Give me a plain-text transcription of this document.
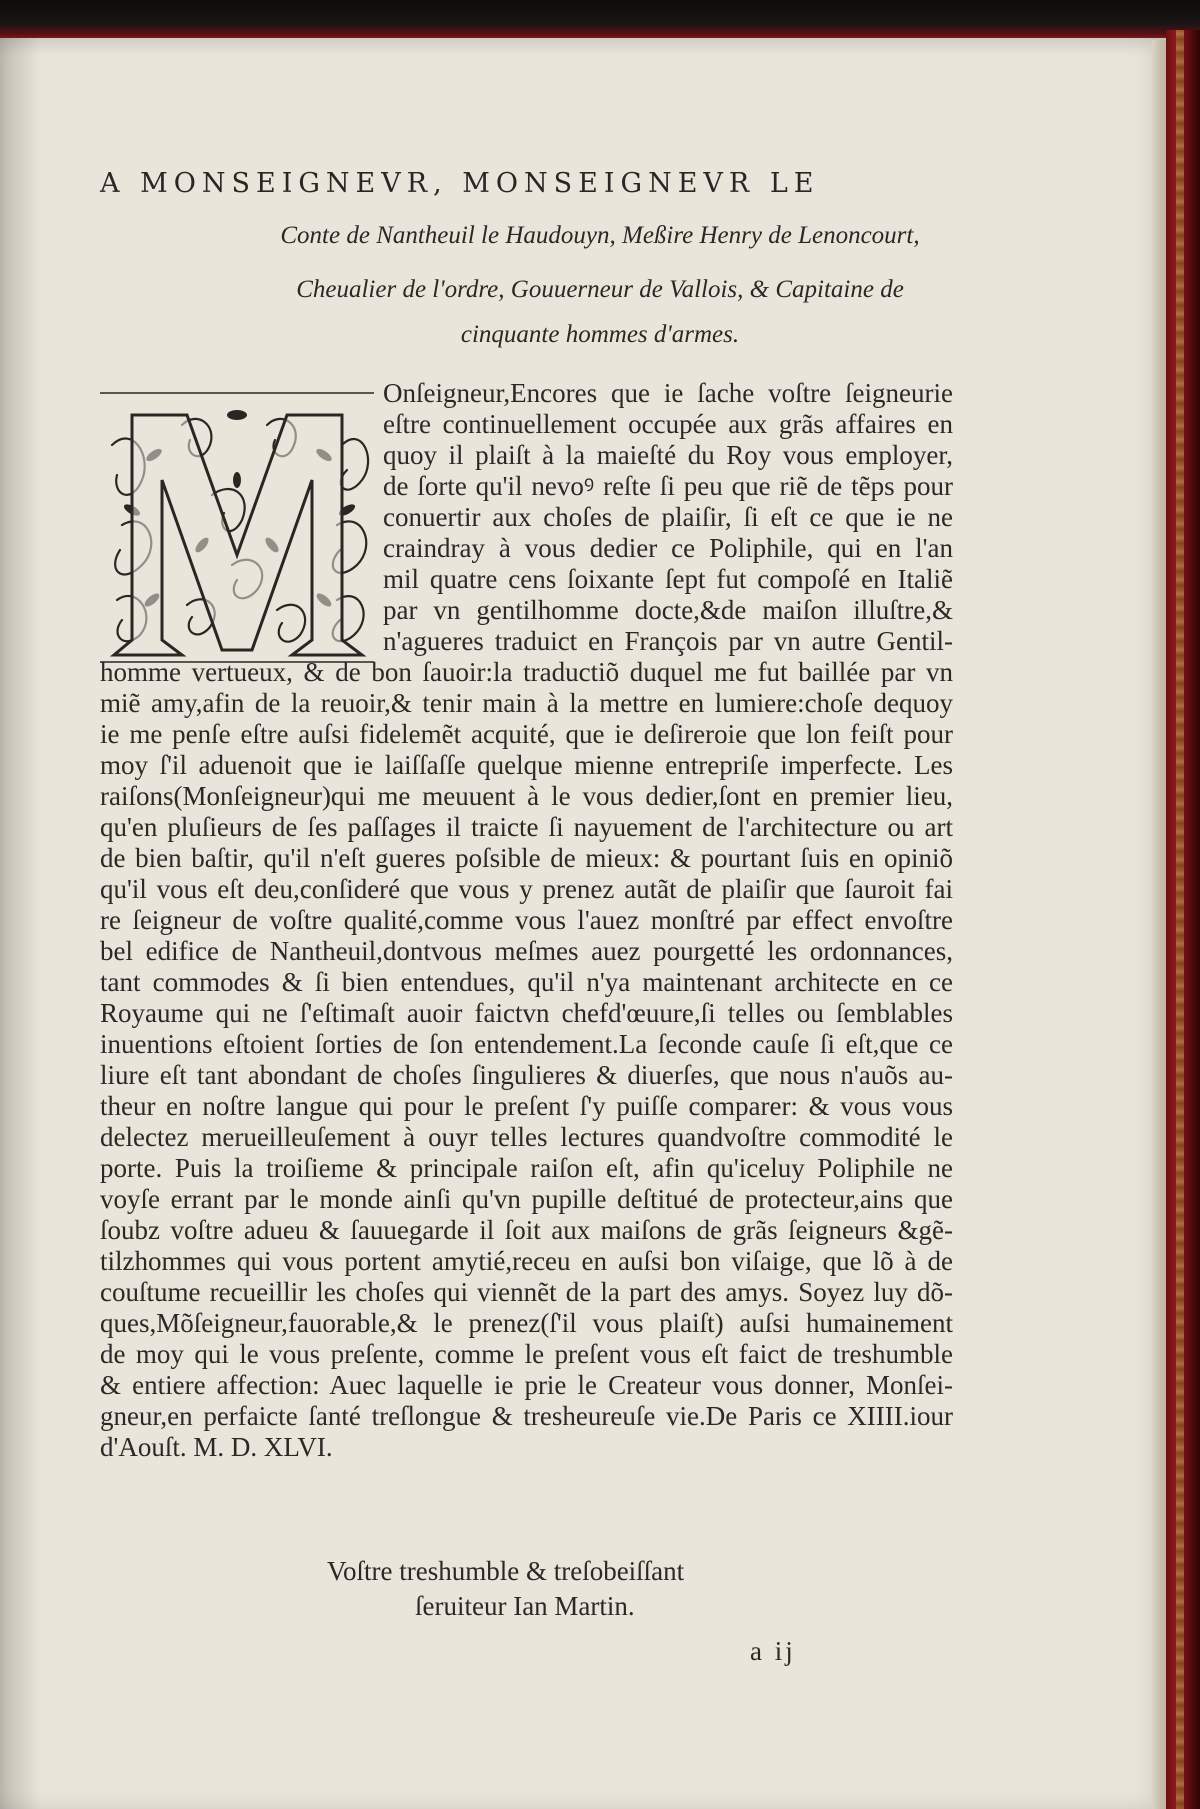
A MONSEIGNEVR, MONSEIGNEVR LE
Conte de Nantheuil le Haudouyn, Meßire Henry de Lenoncourt,
Cheualier de l'ordre, Gouuerneur de Vallois, & Capitaine de
cinquante hommes d'armes.
Onſeigneur,Encores que ie ſache voſtre ſeigneurie
eſtre continuellement occupée aux grãs affaires en
quoy il plaiſt à la maieſté du Roy vous employer,
de ſorte qu'il nevoꝰ reſte ſi peu que riẽ de tẽps pour
conuertir aux choſes de plaiſir, ſi eſt ce que ie ne
craindray à vous dedier ce Poliphile, qui en l'an
mil quatre cens ſoixante ſept fut compoſé en Italiẽ
par vn gentilhomme docte,&de maiſon illuſtre,&
n'agueres traduict en François par vn autre Gentil-
homme vertueux, & de bon ſauoir:la traductiõ duquel me fut baillée par vn
miẽ amy,afin de la reuoir,& tenir main à la mettre en lumiere:choſe dequoy
ie me penſe eſtre auſsi fidelemẽt acquité, que ie deſireroie que lon feiſt pour
moy ſ'il aduenoit que ie laiſſaſſe quelque mienne entrepriſe imperfecte. Les
raiſons(Monſeigneur)qui me meuuent à le vous dedier,ſont en premier lieu,
qu'en pluſieurs de ſes paſſages il traicte ſi nayuement de l'architecture ou art
de bien baſtir, qu'il n'eſt gueres poſsible de mieux: & pourtant ſuis en opiniõ
qu'il vous eſt deu,conſideré que vous y prenez autãt de plaiſir que ſauroit fai
re ſeigneur de voſtre qualité,comme vous l'auez monſtré par effect envoſtre
bel edifice de Nantheuil,dontvous meſmes auez pourgetté les ordonnances,
tant commodes & ſi bien entendues, qu'il n'ya maintenant architecte en ce
Royaume qui ne ſ'eſtimaſt auoir faictvn chefd'œuure,ſi telles ou ſemblables
inuentions eſtoient ſorties de ſon entendement.La ſeconde cauſe ſi eſt,que ce
liure eſt tant abondant de choſes ſingulieres & diuerſes, que nous n'auõs au-
theur en noſtre langue qui pour le preſent ſ'y puiſſe comparer: & vous vous
delectez merueilleuſement à ouyr telles lectures quandvoſtre commodité le
porte. Puis la troiſieme & principale raiſon eſt, afin qu'iceluy Poliphile ne
voyſe errant par le monde ainſi qu'vn pupille deſtitué de protecteur,ains que
ſoubz voſtre adueu & ſauuegarde il ſoit aux maiſons de grãs ſeigneurs &gẽ-
tilzhommes qui vous portent amytié,receu en auſsi bon viſaige, que lõ à de
couſtume recueillir les choſes qui viennẽt de la part des amys. Soyez luy dõ-
ques,Mõſeigneur,fauorable,& le prenez(ſ'il vous plaiſt) auſsi humainement
de moy qui le vous preſente, comme le preſent vous eſt faict de treshumble
& entiere affection: Auec laquelle ie prie le Createur vous donner, Monſei-
gneur,en perfaicte ſanté treſlongue & tresheureuſe vie.De Paris ce XIIII.iour
d'Aouſt. M. D. XLVI.
Voſtre treshumble & treſobeiſſant
ſeruiteur Ian Martin.
a ij
